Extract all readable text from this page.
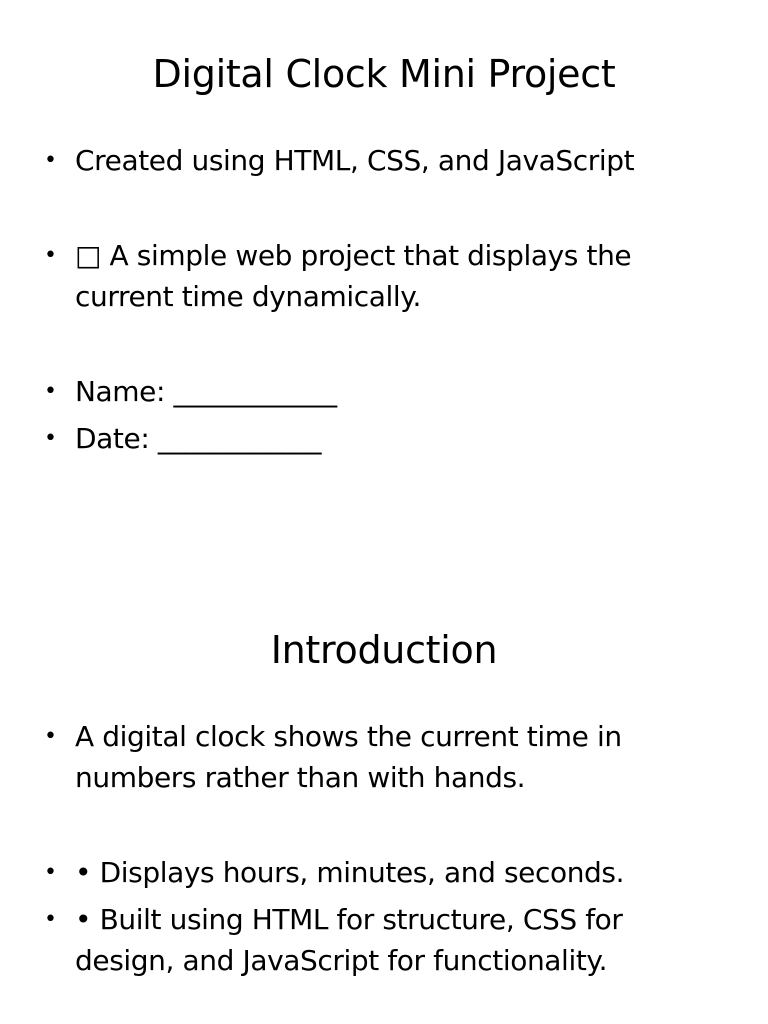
Digital Clock Mini Project
• Created using HTML, CSS, and JavaScript
• □ A simple web project that displays the current time dynamically.
• Name: ____________
• Date: ____________
Introduction
• A digital clock shows the current time in numbers rather than with hands.
• • Displays hours, minutes, and seconds.
• • Built using HTML for structure, CSS for design, and JavaScript for functionality.
